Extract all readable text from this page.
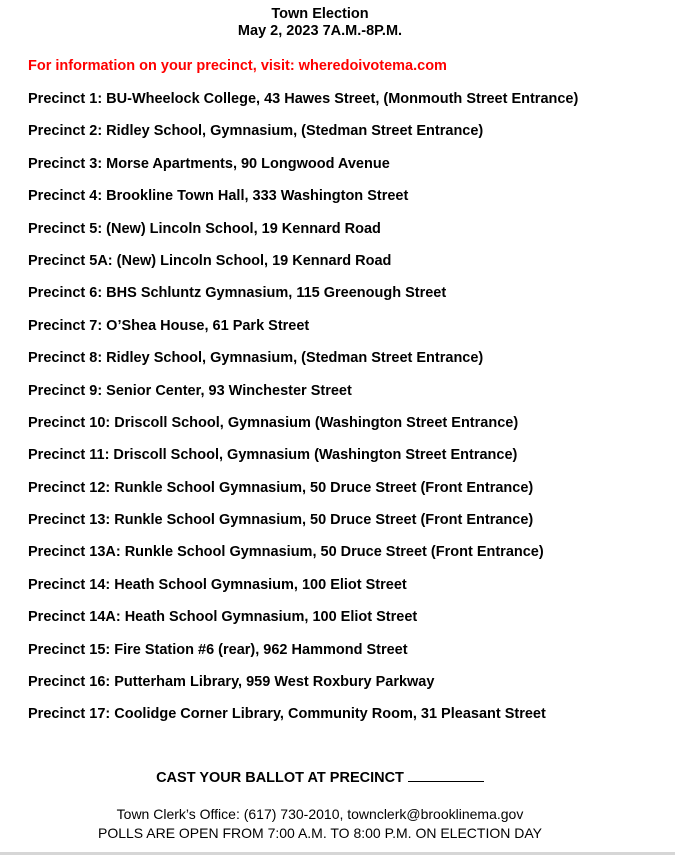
Town Election
May 2, 2023 7A.M.-8P.M.
For information on your precinct, visit: wheredoivotema.com
Precinct 1: BU-Wheelock College, 43 Hawes Street, (Monmouth Street Entrance)
Precinct 2: Ridley School, Gymnasium, (Stedman Street Entrance)
Precinct 3: Morse Apartments, 90 Longwood Avenue
Precinct 4: Brookline Town Hall, 333 Washington Street
Precinct 5: (New) Lincoln School, 19 Kennard Road
Precinct 5A: (New) Lincoln School, 19 Kennard Road
Precinct 6: BHS Schluntz Gymnasium, 115 Greenough Street
Precinct 7: O’Shea House, 61 Park Street
Precinct 8: Ridley School, Gymnasium, (Stedman Street Entrance)
Precinct 9: Senior Center, 93 Winchester Street
Precinct 10: Driscoll School, Gymnasium (Washington Street Entrance)
Precinct 11: Driscoll School, Gymnasium (Washington Street Entrance)
Precinct 12: Runkle School Gymnasium, 50 Druce Street (Front Entrance)
Precinct 13: Runkle School Gymnasium, 50 Druce Street (Front Entrance)
Precinct 13A: Runkle School Gymnasium, 50 Druce Street (Front Entrance)
Precinct 14: Heath School Gymnasium, 100 Eliot Street
Precinct 14A: Heath School Gymnasium, 100 Eliot Street
Precinct 15: Fire Station #6 (rear), 962 Hammond Street
Precinct 16: Putterham Library, 959 West Roxbury Parkway
Precinct 17: Coolidge Corner Library, Community Room, 31 Pleasant Street
CAST YOUR BALLOT AT PRECINCT
Town Clerk’s Office: (617) 730-2010, townclerk@brooklinema.gov
POLLS ARE OPEN FROM 7:00 A.M. TO 8:00 P.M. ON ELECTION DAY
